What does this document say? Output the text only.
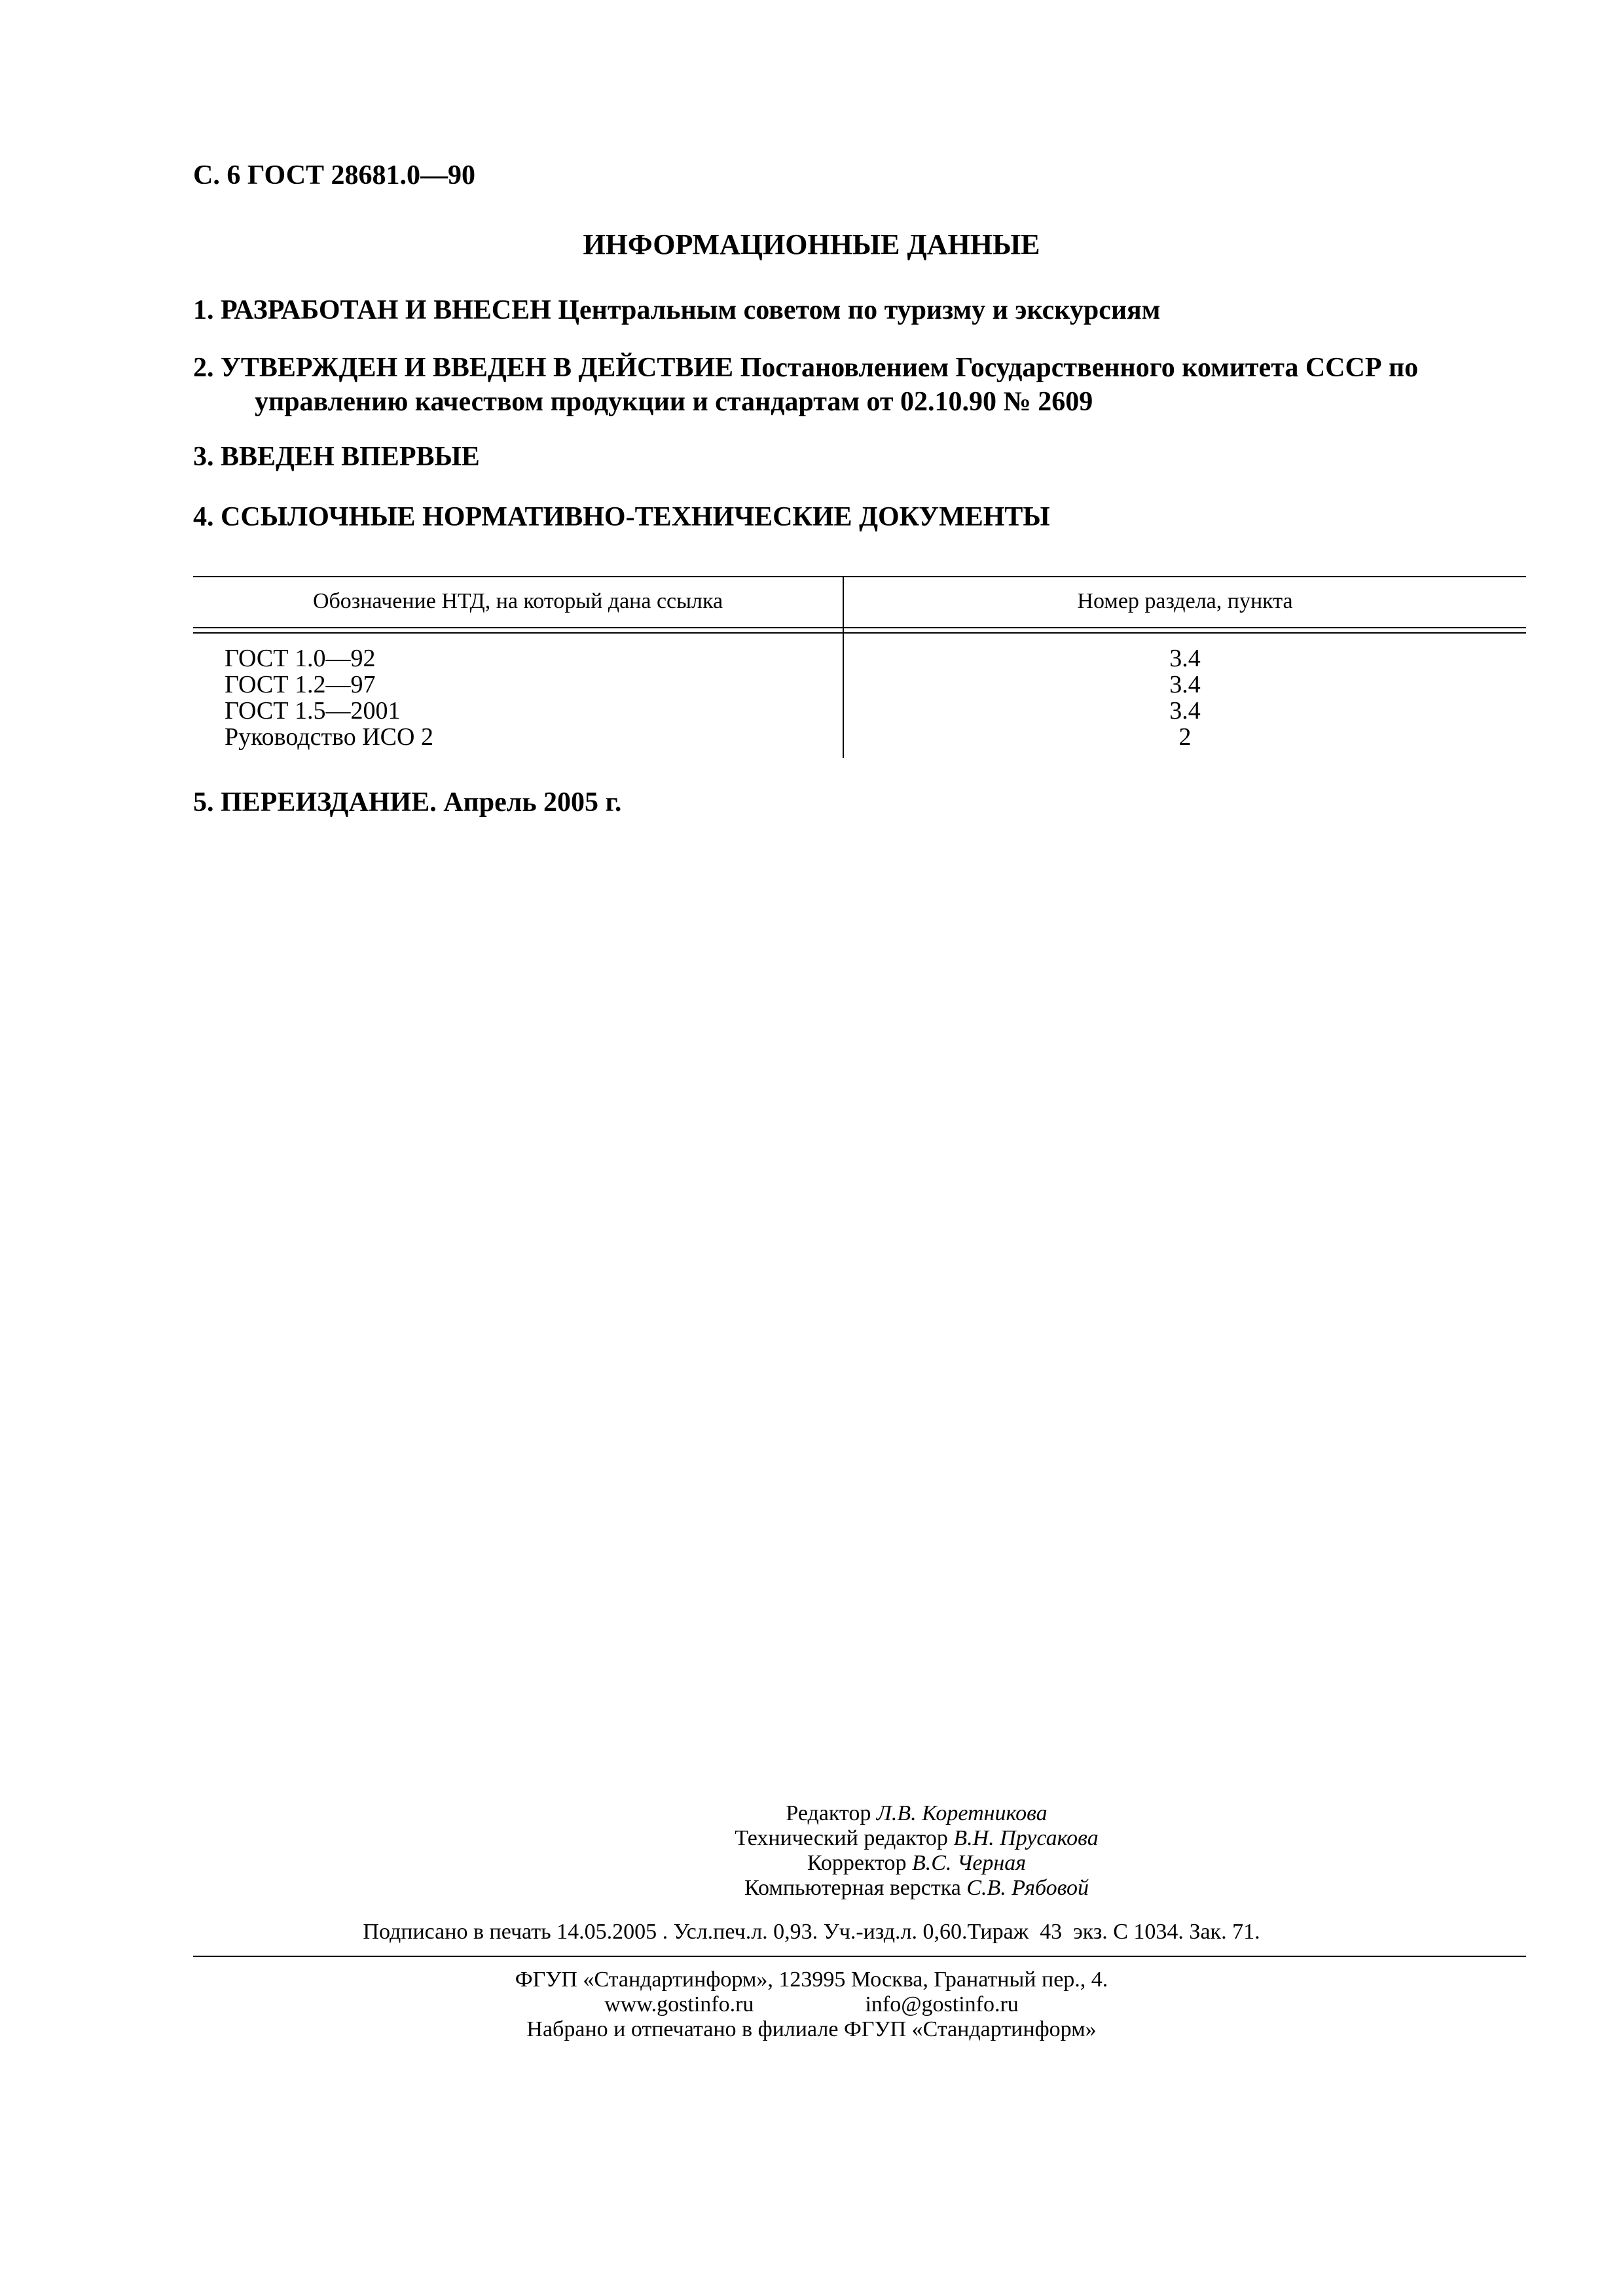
С. 6 ГОСТ 28681.0—90
ИНФОРМАЦИОННЫЕ ДАННЫЕ
1. РАЗРАБОТАН И ВНЕСЕН Центральным советом по туризму и экскурсиям
2. УТВЕРЖДЕН И ВВЕДЕН В ДЕЙСТВИЕ Постановлением Государственного комитета СССР по
управлению качеством продукции и стандартам от 02.10.90 № 2609
3. ВВЕДЕН ВПЕРВЫЕ
4. ССЫЛОЧНЫЕ НОРМАТИВНО-ТЕХНИЧЕСКИЕ ДОКУМЕНТЫ
Обозначение НТД, на который дана ссылка	Номер раздела, пункта
ГОСТ 1.0—92
ГОСТ 1.2—97
ГОСТ 1.5—2001
Руководство ИСО 2
3.4
3.4
3.4
2
5. ПЕРЕИЗДАНИЕ. Апрель 2005 г.
Редактор Л.В. Коретникова
Технический редактор В.Н. Прусакова
Корректор В.С. Черная
Компьютерная верстка С.В. Рябовой
Подписано в печать 14.05.2005 . Усл.печ.л. 0,93. Уч.-изд.л. 0,60.Тираж  43  экз. С 1034. Зак. 71.
ФГУП «Стандартинформ», 123995 Москва, Гранатный пер., 4.
www.gostinfo.ru	info@gostinfo.ru
Набрано и отпечатано в филиале ФГУП «Стандартинформ»
